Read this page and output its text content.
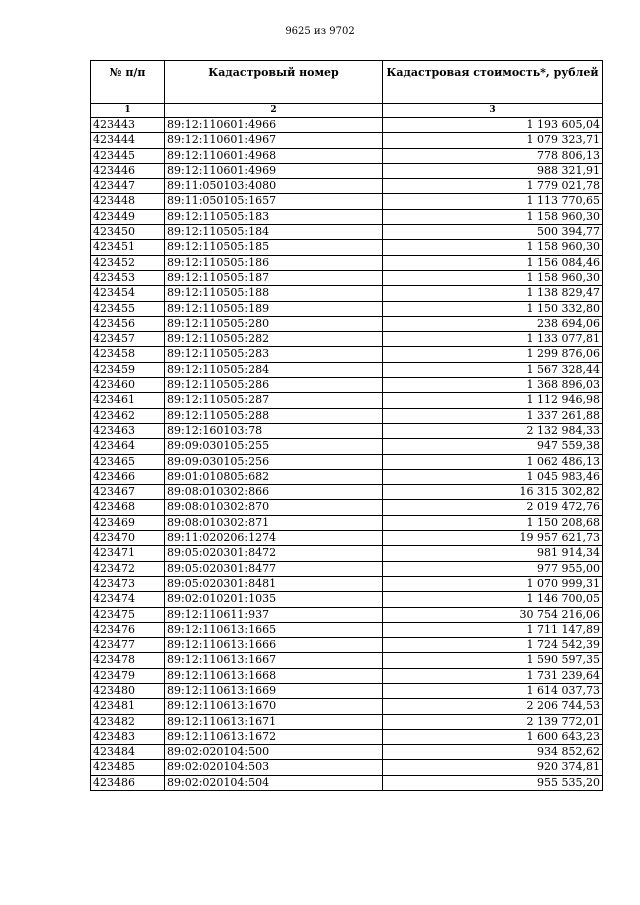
9625 из 9702
№ п/п	Кадастровый номер	Кадастровая стоимость*, рублей
1	2	3
423443	89:12:110601:4966	1 193 605,04
423444	89:12:110601:4967	1 079 323,71
423445	89:12:110601:4968	778 806,13
423446	89:12:110601:4969	988 321,91
423447	89:11:050103:4080	1 779 021,78
423448	89:11:050105:1657	1 113 770,65
423449	89:12:110505:183	1 158 960,30
423450	89:12:110505:184	500 394,77
423451	89:12:110505:185	1 158 960,30
423452	89:12:110505:186	1 156 084,46
423453	89:12:110505:187	1 158 960,30
423454	89:12:110505:188	1 138 829,47
423455	89:12:110505:189	1 150 332,80
423456	89:12:110505:280	238 694,06
423457	89:12:110505:282	1 133 077,81
423458	89:12:110505:283	1 299 876,06
423459	89:12:110505:284	1 567 328,44
423460	89:12:110505:286	1 368 896,03
423461	89:12:110505:287	1 112 946,98
423462	89:12:110505:288	1 337 261,88
423463	89:12:160103:78	2 132 984,33
423464	89:09:030105:255	947 559,38
423465	89:09:030105:256	1 062 486,13
423466	89:01:010805:682	1 045 983,46
423467	89:08:010302:866	16 315 302,82
423468	89:08:010302:870	2 019 472,76
423469	89:08:010302:871	1 150 208,68
423470	89:11:020206:1274	19 957 621,73
423471	89:05:020301:8472	981 914,34
423472	89:05:020301:8477	977 955,00
423473	89:05:020301:8481	1 070 999,31
423474	89:02:010201:1035	1 146 700,05
423475	89:12:110611:937	30 754 216,06
423476	89:12:110613:1665	1 711 147,89
423477	89:12:110613:1666	1 724 542,39
423478	89:12:110613:1667	1 590 597,35
423479	89:12:110613:1668	1 731 239,64
423480	89:12:110613:1669	1 614 037,73
423481	89:12:110613:1670	2 206 744,53
423482	89:12:110613:1671	2 139 772,01
423483	89:12:110613:1672	1 600 643,23
423484	89:02:020104:500	934 852,62
423485	89:02:020104:503	920 374,81
423486	89:02:020104:504	955 535,20
